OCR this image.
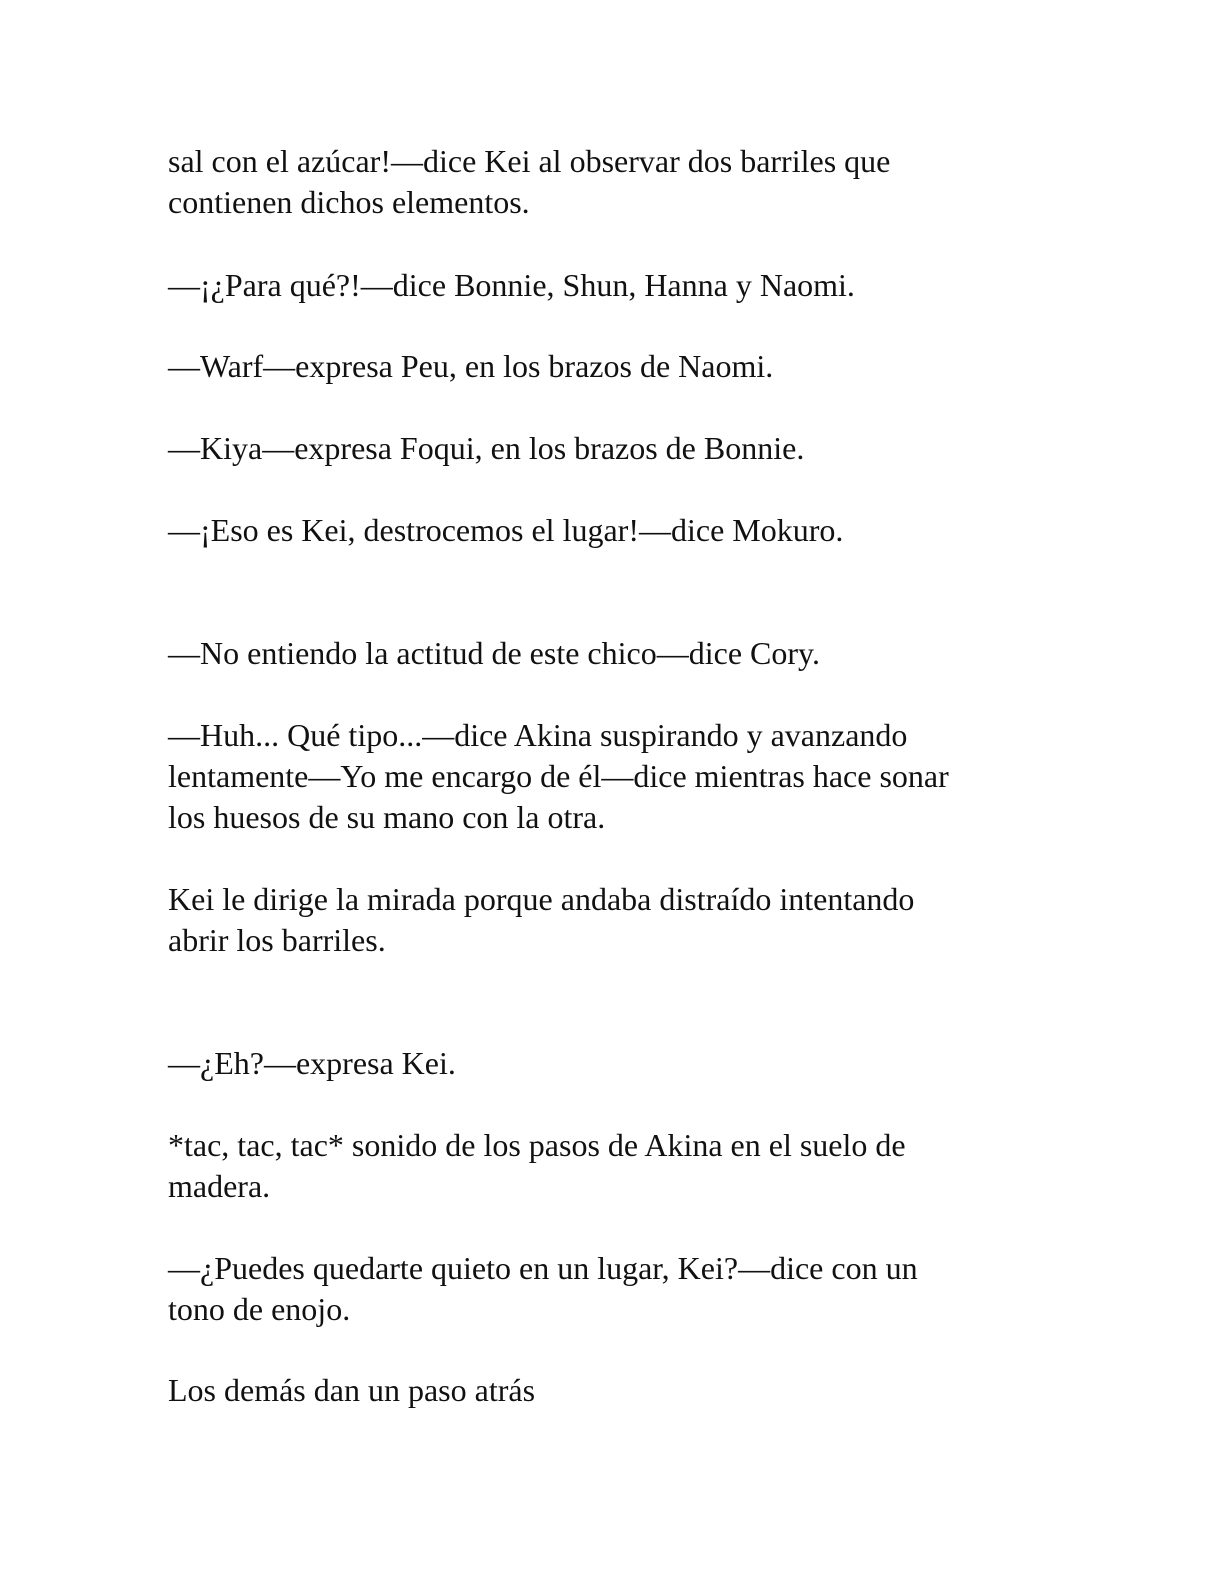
sal con el azúcar!—dice Kei al observar dos barriles que
contienen dichos elementos.

—¡¿Para qué?!—dice Bonnie, Shun, Hanna y Naomi.

—Warf—expresa Peu, en los brazos de Naomi.

—Kiya—expresa Foqui, en los brazos de Bonnie.

—¡Eso es Kei, destrocemos el lugar!—dice Mokuro.

—No entiendo la actitud de este chico—dice Cory.

—Huh... Qué tipo...—dice Akina suspirando y avanzando
lentamente—Yo me encargo de él—dice mientras hace sonar
los huesos de su mano con la otra.

Kei le dirige la mirada porque andaba distraído intentando
abrir los barriles.

—¿Eh?—expresa Kei.

*tac, tac, tac* sonido de los pasos de Akina en el suelo de
madera.

—¿Puedes quedarte quieto en un lugar, Kei?—dice con un
tono de enojo.

Los demás dan un paso atrás
